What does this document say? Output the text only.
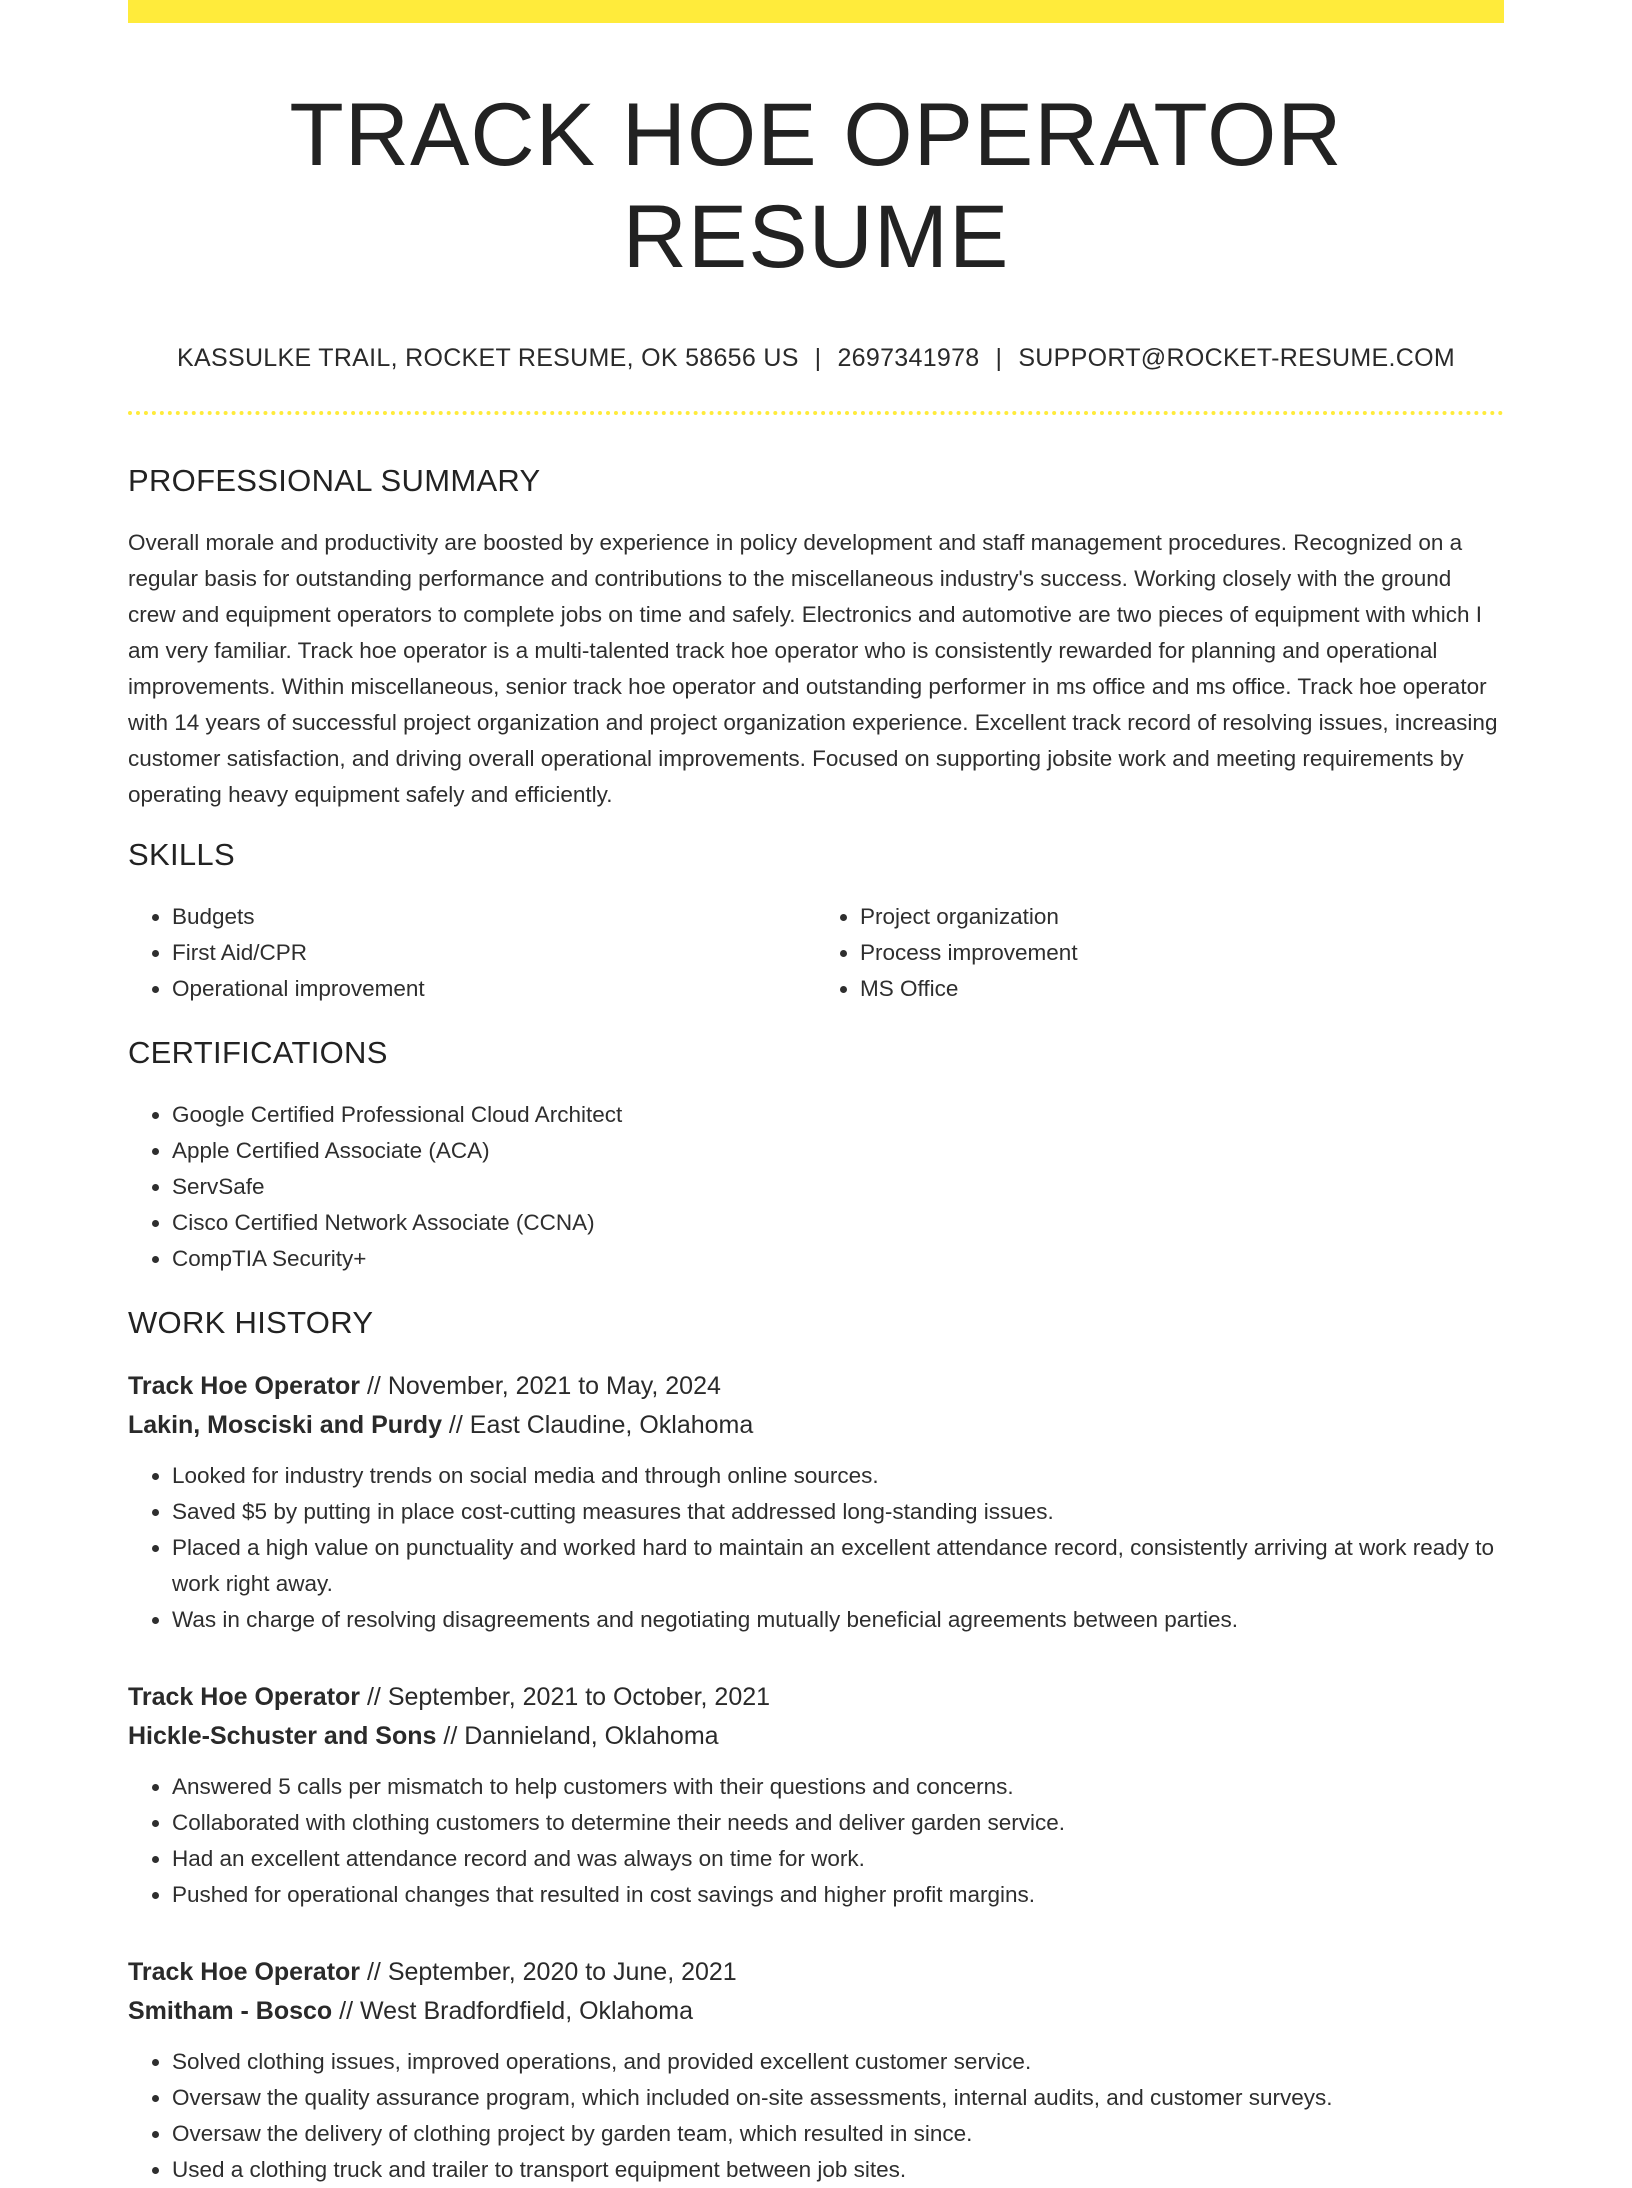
TRACK HOE OPERATOR RESUME
KASSULKE TRAIL, ROCKET RESUME, OK 58656 US | 2697341978 | SUPPORT@ROCKET-RESUME.COM
PROFESSIONAL SUMMARY

Overall morale and productivity are boosted by experience in policy development and staff management procedures. Recognized on a regular basis for outstanding performance and contributions to the miscellaneous industry's success. Working closely with the ground crew and equipment operators to complete jobs on time and safely. Electronics and automotive are two pieces of equipment with which I am very familiar. Track hoe operator is a multi-talented track hoe operator who is consistently rewarded for planning and operational improvements. Within miscellaneous, senior track hoe operator and outstanding performer in ms office and ms office. Track hoe operator with 14 years of successful project organization and project organization experience. Excellent track record of resolving issues, increasing customer satisfaction, and driving overall operational improvements. Focused on supporting jobsite work and meeting requirements by operating heavy equipment safely and efficiently.

SKILLS
• Budgets
• First Aid/CPR
• Operational improvement
• Project organization
• Process improvement
• MS Office
CERTIFICATIONS
• Google Certified Professional Cloud Architect
• Apple Certified Associate (ACA)
• ServSafe
• Cisco Certified Network Associate (CCNA)
• CompTIA Security+
WORK HISTORY
Track Hoe Operator // November, 2021 to May, 2024
Lakin, Mosciski and Purdy // East Claudine, Oklahoma
• Looked for industry trends on social media and through online sources.
• Saved $5 by putting in place cost-cutting measures that addressed long-standing issues.
• Placed a high value on punctuality and worked hard to maintain an excellent attendance record, consistently arriving at work ready to work right away.
• Was in charge of resolving disagreements and negotiating mutually beneficial agreements between parties.
Track Hoe Operator // September, 2021 to October, 2021
Hickle-Schuster and Sons // Dannieland, Oklahoma
• Answered 5 calls per mismatch to help customers with their questions and concerns.
• Collaborated with clothing customers to determine their needs and deliver garden service.
• Had an excellent attendance record and was always on time for work.
• Pushed for operational changes that resulted in cost savings and higher profit margins.
Track Hoe Operator // September, 2020 to June, 2021
Smitham - Bosco // West Bradfordfield, Oklahoma
• Solved clothing issues, improved operations, and provided excellent customer service.
• Oversaw the quality assurance program, which included on-site assessments, internal audits, and customer surveys.
• Oversaw the delivery of clothing project by garden team, which resulted in since.
• Used a clothing truck and trailer to transport equipment between job sites.
